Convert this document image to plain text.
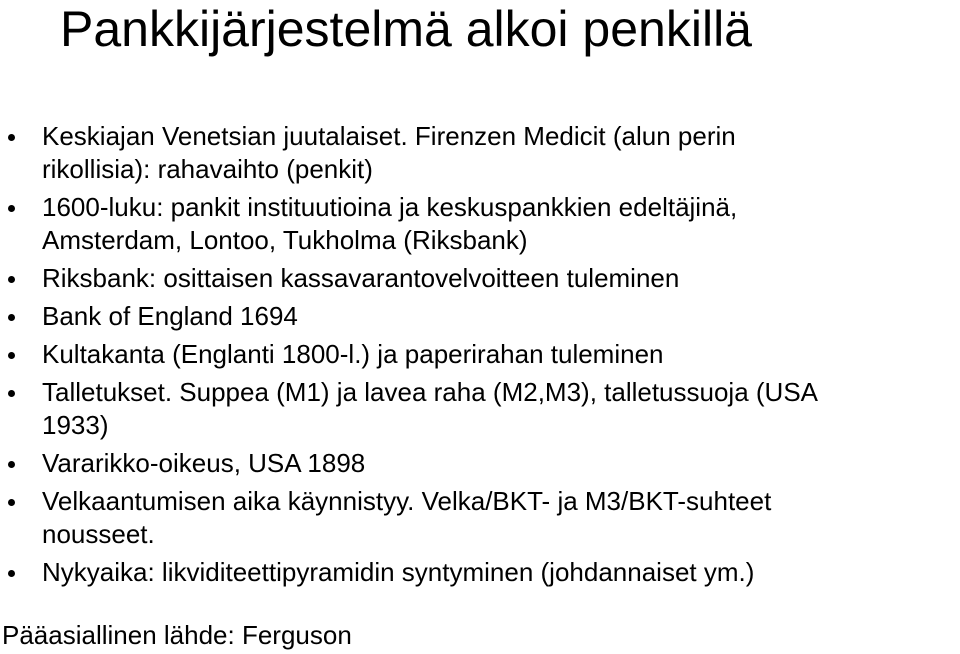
Pankkijärjestelmä alkoi penkillä
Keskiajan Venetsian juutalaiset. Firenzen Medicit (alun perin
rikollisia): rahavaihto (penkit)
1600-luku: pankit instituutioina ja keskuspankkien edeltäjinä,
Amsterdam, Lontoo, Tukholma (Riksbank)
Riksbank: osittaisen kassavarantovelvoitteen tuleminen
Bank of England 1694
Kultakanta (Englanti 1800-l.) ja paperirahan tuleminen
Talletukset. Suppea (M1) ja lavea raha (M2,M3), talletussuoja (USA
1933)
Vararikko-oikeus, USA 1898
Velkaantumisen aika käynnistyy. Velka/BKT- ja M3/BKT-suhteet
nousseet.
Nykyaika: likviditeettipyramidin syntyminen (johdannaiset ym.)
Pääasiallinen lähde: Ferguson
